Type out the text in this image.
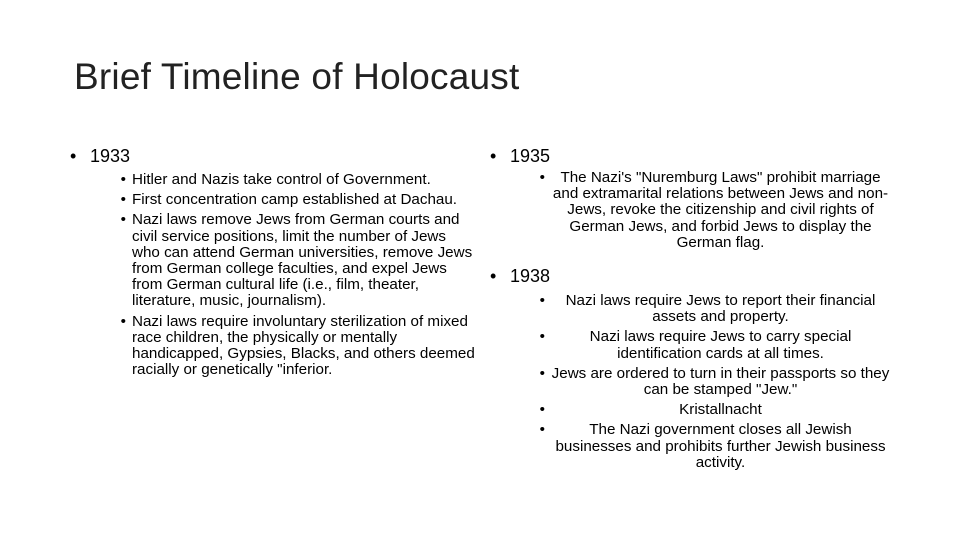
Brief Timeline of Holocaust
• 1933
• Hitler and Nazis take control of Government.
• First concentration camp established at Dachau.
• Nazi laws remove Jews from German courts and civil service positions, limit the number of Jews who can attend German universities, remove Jews from German college faculties, and expel Jews from German cultural life (i.e., film, theater, literature, music, journalism).
• Nazi laws require involuntary sterilization of mixed race children, the physically or mentally handicapped, Gypsies, Blacks, and others deemed racially or genetically "inferior.
• 1935
•	The Nazi's "Nuremburg Laws" prohibit marriage and extramarital relations between Jews and non-Jews, revoke the citizenship and civil rights of German Jews, and forbid Jews to display the German flag.
• 1938
•	Nazi laws require Jews to report their financial assets and property.
•	Nazi laws require Jews to carry special identification cards at all times.
• Jews are ordered to turn in their passports so they can be stamped "Jew."
•	Kristallnacht
•	The Nazi government closes all Jewish businesses and prohibits further Jewish business activity.
